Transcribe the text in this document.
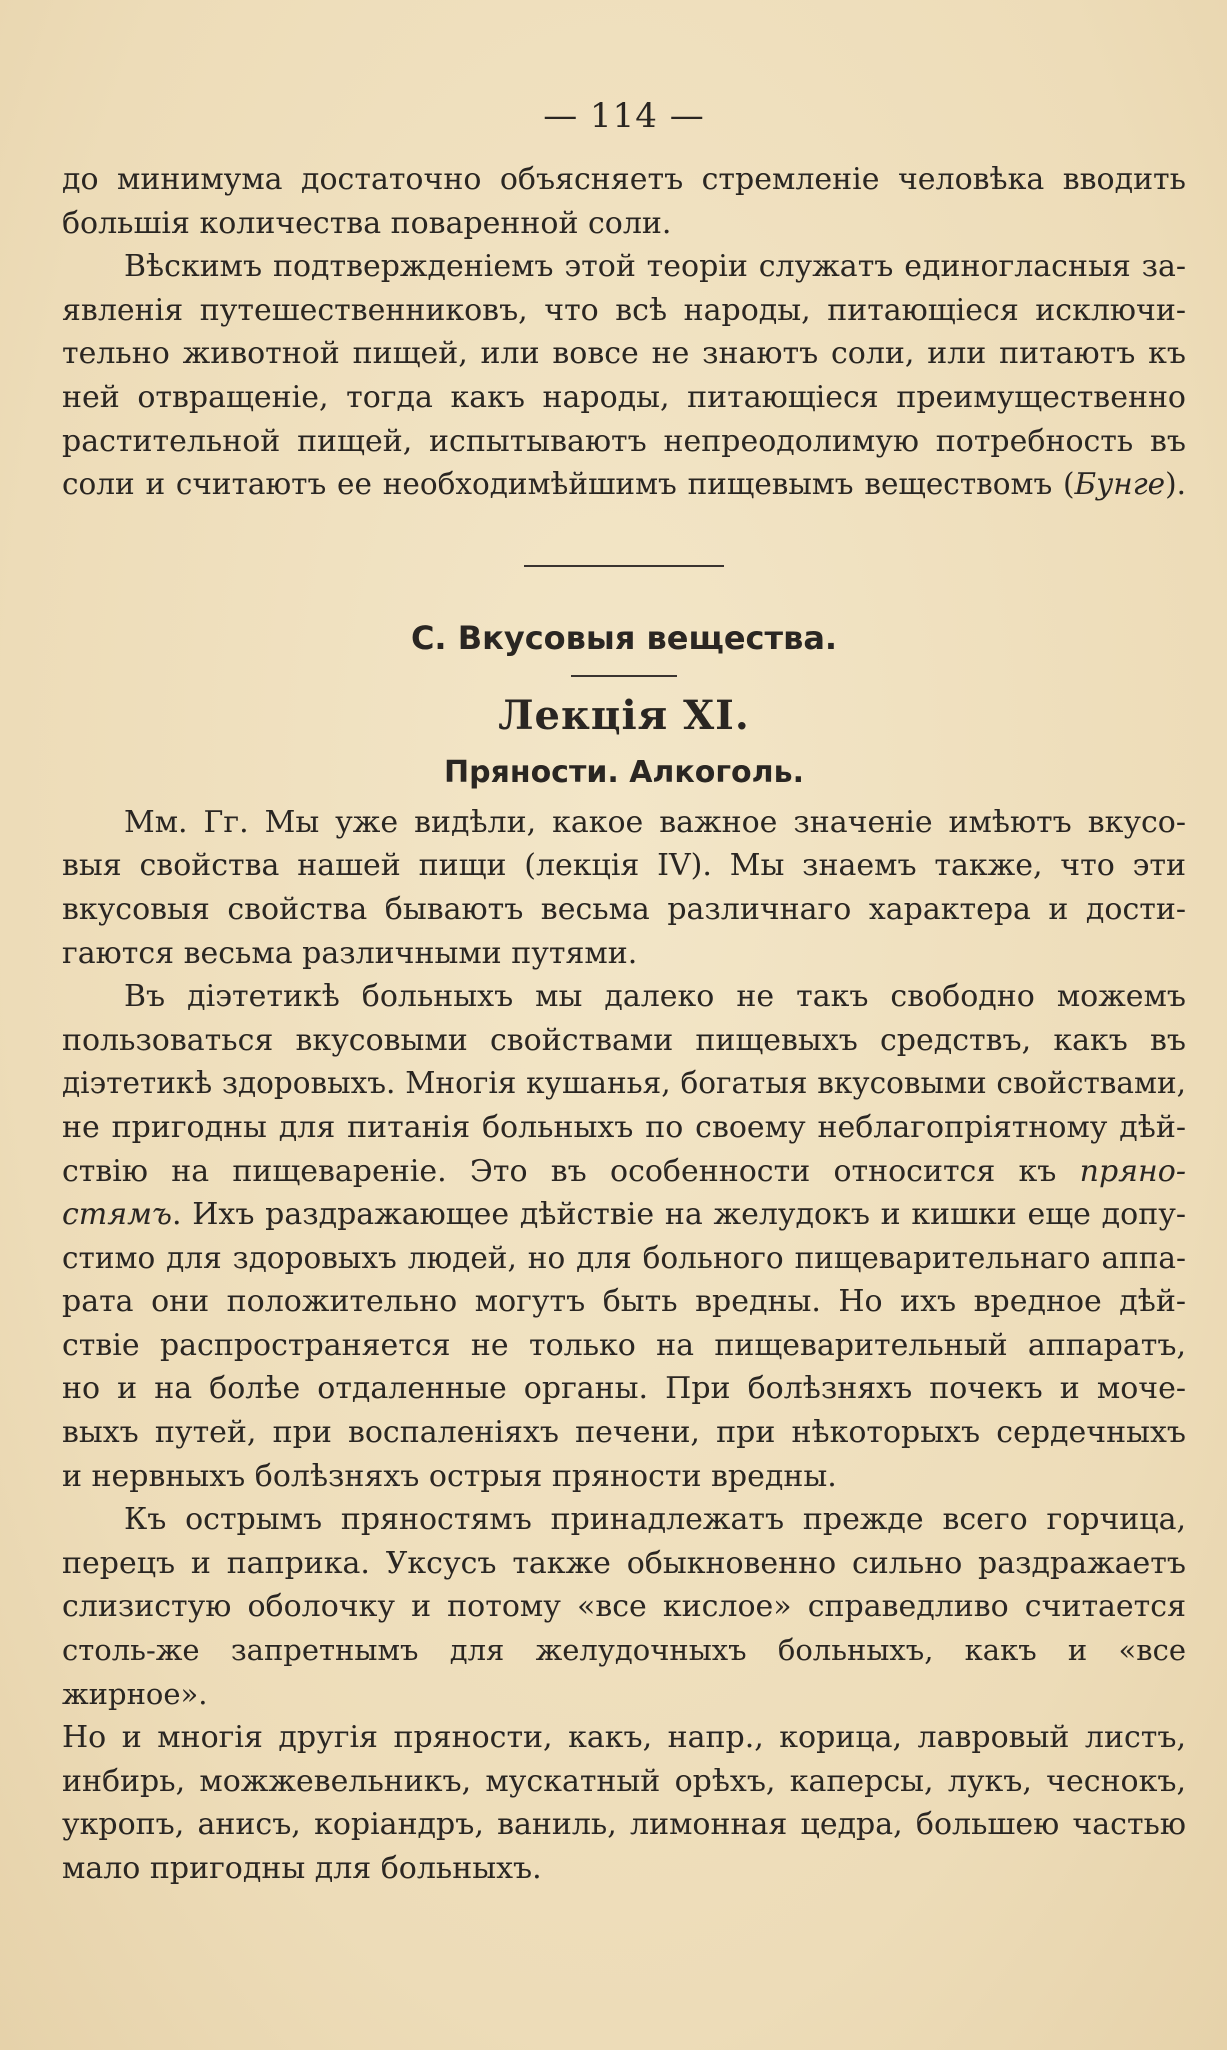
— 114 —

до минимума достаточно объясняетъ стремленіе человѣка вводить

большія количества поваренной соли.

Вѣскимъ подтвержденіемъ этой теоріи служатъ единогласныя за-

явленія путешественниковъ, что всѣ народы, питающіеся исключи-

тельно животной пищей, или вовсе не знаютъ соли, или питаютъ къ

ней отвращеніе, тогда какъ народы, питающіеся преимущественно

растительной пищей, испытываютъ непреодолимую потребность въ

соли и считаютъ ее необходимѣйшимъ пищевымъ веществомъ (Бунге).

С. Вкусовыя вещества.
Лекція XI.
Пряности. Алкоголь.

Мм. Гг. Мы уже видѣли, какое важное значеніе имѣютъ вкусо-

выя свойства нашей пищи (лекція IV). Мы знаемъ также, что эти

вкусовыя свойства бываютъ весьма различнаго характера и дости-

гаются весьма различными путями.

Въ діэтетикѣ больныхъ мы далеко не такъ свободно можемъ

пользоваться вкусовыми свойствами пищевыхъ средствъ, какъ въ

діэтетикѣ здоровыхъ. Многія кушанья, богатыя вкусовыми свойствами,

не пригодны для питанія больныхъ по своему неблагопріятному дѣй-

ствію на пищевареніе. Это въ особенности относится къ пряно-

стямъ. Ихъ раздражающее дѣйствіе на желудокъ и кишки еще допу-

стимо для здоровыхъ людей, но для больного пищеварительнаго аппа-

рата они положительно могутъ быть вредны. Но ихъ вредное дѣй-

ствіе распространяется не только на пищеварительный аппаратъ,

но и на болѣе отдаленные органы. При болѣзняхъ почекъ и моче-

выхъ путей, при воспаленіяхъ печени, при нѣкоторыхъ сердечныхъ

и нервныхъ болѣзняхъ острыя пряности вредны.

Къ острымъ пряностямъ принадлежатъ прежде всего горчица,

перецъ и паприка. Уксусъ также обыкновенно сильно раздражаетъ

слизистую оболочку и потому «все кислое» справедливо считается

столь-же запретнымъ для желудочныхъ больныхъ, какъ и «все жирное».

Но и многія другія пряности, какъ, напр., корица, лавровый листъ,

инбирь, можжевельникъ, мускатный орѣхъ, каперсы, лукъ, чеснокъ,

укропъ, анисъ, коріандръ, ваниль, лимонная цедра, большею частью

мало пригодны для больныхъ.
